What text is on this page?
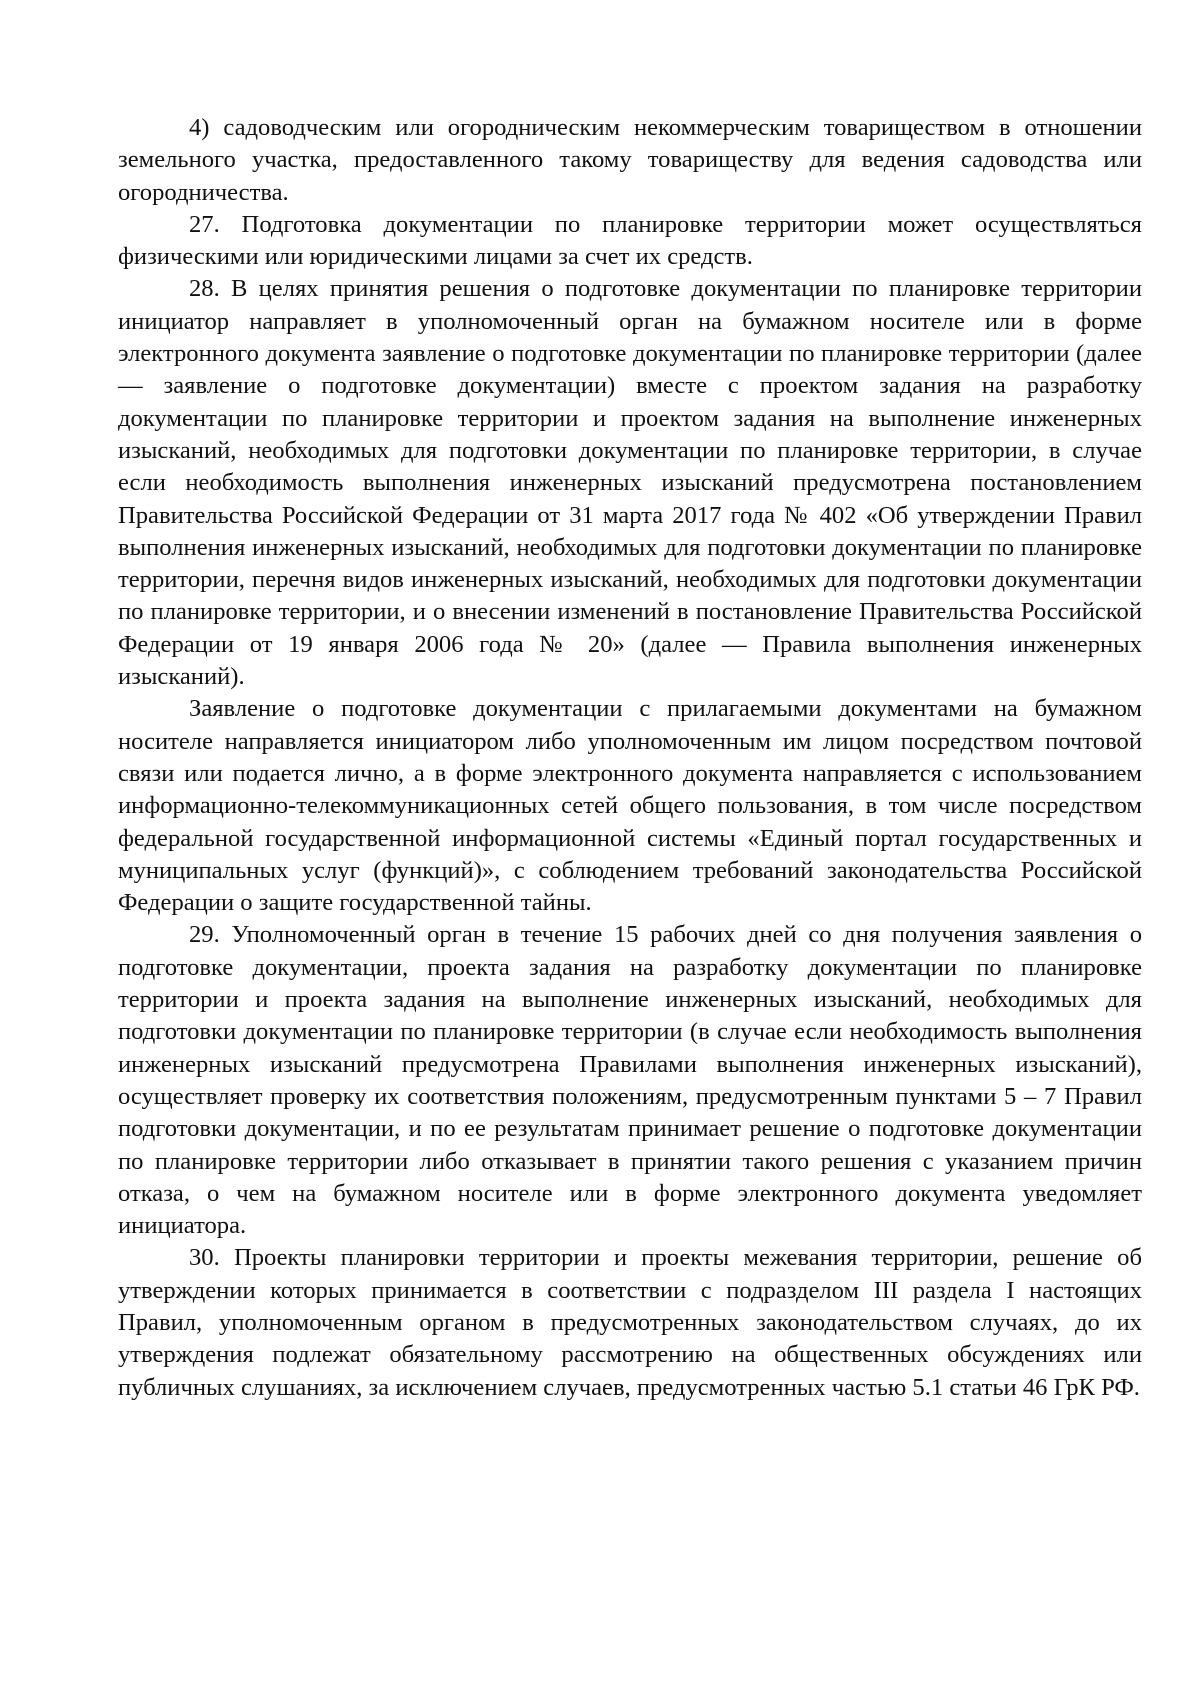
4) садоводческим или огородническим некоммерческим товариществом в отношении земельного участка, предоставленного такому товариществу для ведения садоводства или огородничества.

27. Подготовка документации по планировке территории может осуществляться физическими или юридическими лицами за счет их средств.

28. В целях принятия решения о подготовке документации по планировке территории инициатор направляет в уполномоченный орган на бумажном носителе или в форме электронного документа заявление о подготовке документации по планировке территории (далее — заявление о подготовке документации) вместе с проектом задания на разработку документации по планировке территории и проектом задания на выполнение инженерных изысканий, необходимых для подготовки документации по планировке территории, в случае если необходимость выполнения инженерных изысканий предусмотрена постановлением Правительства Российской Федерации от 31 марта 2017 года № 402 «Об утверждении Правил выполнения инженерных изысканий, необходимых для подготовки документации по планировке территории, перечня видов инженерных изысканий, необходимых для подготовки документации по планировке территории, и о внесении изменений в постановление Правительства Российской Федерации от 19 января 2006 года № 20» (далее — Правила выполнения инженерных изысканий).

Заявление о подготовке документации с прилагаемыми документами на бумажном носителе направляется инициатором либо уполномоченным им лицом посредством почтовой связи или подается лично, а в форме электронного документа направляется с использованием информационно-телекоммуникационных сетей общего пользования, в том числе посредством федеральной государственной информационной системы «Единый портал государственных и муниципальных услуг (функций)», с соблюдением требований законодательства Российской Федерации о защите государственной тайны.

29. Уполномоченный орган в течение 15 рабочих дней со дня получения заявления о подготовке документации, проекта задания на разработку документации по планировке территории и проекта задания на выполнение инженерных изысканий, необходимых для подготовки документации по планировке территории (в случае если необходимость выполнения инженерных изысканий предусмотрена Правилами выполнения инженерных изысканий), осуществляет проверку их соответствия положениям, предусмотренным пунктами 5 – 7 Правил подготовки документации, и по ее результатам принимает решение о подготовке документации по планировке территории либо отказывает в принятии такого решения с указанием причин отказа, о чем на бумажном носителе или в форме электронного документа уведомляет инициатора.

30. Проекты планировки территории и проекты межевания территории, решение об утверждении которых принимается в соответствии с подразделом III раздела I настоящих Правил, уполномоченным органом в предусмотренных законодательством случаях, до их утверждения подлежат обязательному рассмотрению на общественных обсуждениях или публичных слушаниях, за исключением случаев, предусмотренных частью 5.1 статьи 46 ГрК РФ.
